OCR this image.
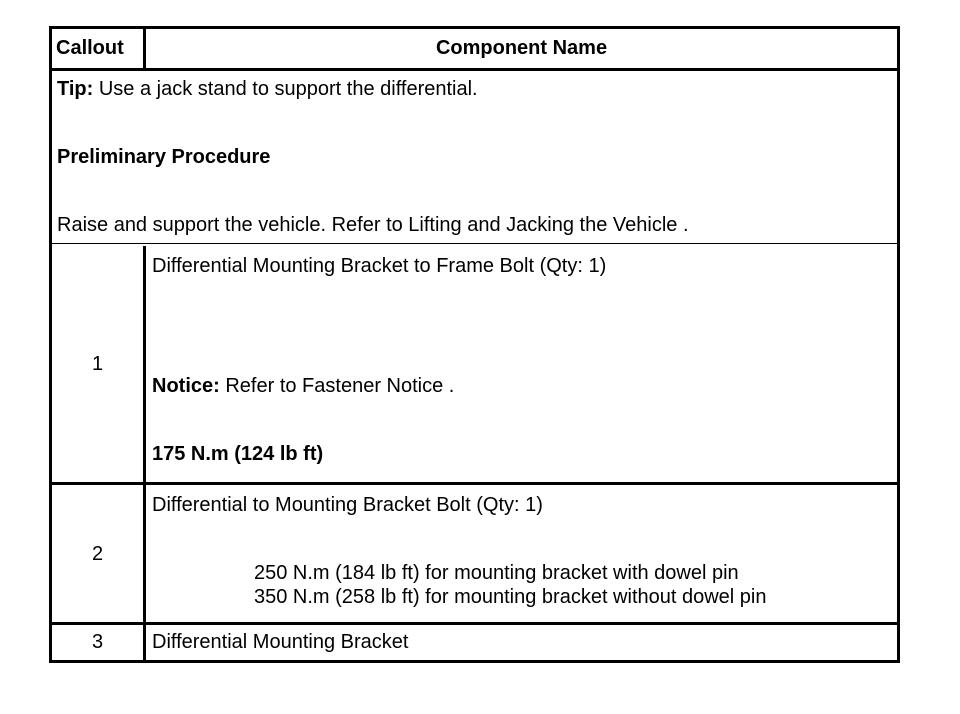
Callout	Component Name
Tip: Use a jack stand to support the differential.
Preliminary Procedure
Raise and support the vehicle. Refer to Lifting and Jacking the Vehicle .
1
Differential Mounting Bracket to Frame Bolt (Qty: 1)
Notice: Refer to Fastener Notice .
175 N.m (124 lb ft)
2
Differential to Mounting Bracket Bolt (Qty: 1)
250 N.m (184 lb ft) for mounting bracket with dowel pin
350 N.m (258 lb ft) for mounting bracket without dowel pin
3	Differential Mounting Bracket
